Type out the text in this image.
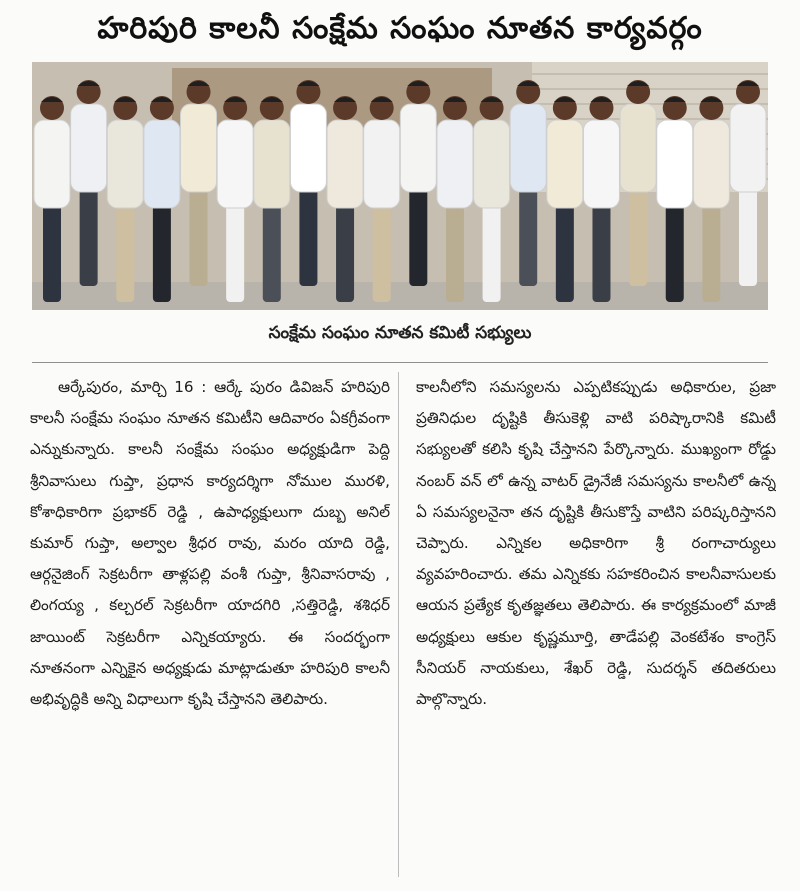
హరిపురి కాలనీ సంక్షేమ సంఘం నూతన కార్యవర్గం
సంక్షేమ సంఘం నూతన కమిటీ సభ్యులు

ఆర్కేపురం, మార్చి 16 : ఆర్కే పురం డివిజన్ హరిపురి కాలనీ సంక్షేమ సంఘం నూతన కమిటీని ఆదివారం ఏకగ్రీవంగా ఎన్నుకున్నారు. కాలనీ సంక్షేమ సంఘం అధ్యక్షుడిగా పెద్ది శ్రీనివాసులు గుప్తా, ప్రధాన కార్యదర్శిగా నోముల మురళి, కోశాధికారిగా ప్రభాకర్ రెడ్డి , ఉపాధ్యక్షులుగా దుబ్బ అనిల్ కుమార్ గుప్తా, అల్వాల శ్రీధర రావు, మరం యాది రెడ్డి, ఆర్గనైజింగ్ సెక్రటరీగా తాళ్లపల్లి వంశీ గుప్తా, శ్రీనివాసరావు , లింగయ్య , కల్చరల్ సెక్రటరీగా యాదగిరి ,సత్తిరెడ్డి, శశిధర్ జాయింట్ సెక్రటరీగా ఎన్నికయ్యారు. ఈ సందర్భంగా నూతనంగా ఎన్నికైన అధ్యక్షుడు మాట్లాడుతూ హరిపురి కాలనీ అభివృద్ధికి అన్ని విధాలుగా కృషి చేస్తానని తెలిపారు.

కాలనీలోని సమస్యలను ఎప్పటికప్పుడు అధికారుల, ప్రజా ప్రతినిధుల దృష్టికి తీసుకెళ్లి వాటి పరిష్కారానికి కమిటీ సభ్యులతో కలిసి కృషి చేస్తానని పేర్కొన్నారు. ముఖ్యంగా రోడ్డు నంబర్ వన్ లో ఉన్న వాటర్ డ్రైనేజీ సమస్యను కాలనీలో ఉన్న ఏ సమస్యలనైనా తన దృష్టికి తీసుకొస్తే వాటిని పరిష్కరిస్తానని చెప్పారు. ఎన్నికల అధికారిగా శ్రీ రంగాచార్యులు వ్యవహరించారు. తమ ఎన్నికకు సహకరించిన కాలనీవాసులకు ఆయన ప్రత్యేక కృతజ్ఞతలు తెలిపారు. ఈ కార్యక్రమంలో మాజీ అధ్యక్షులు ఆకుల కృష్ణమూర్తి, తాడేపల్లి వెంకటేశం కాంగ్రెస్ సీనియర్ నాయకులు, శేఖర్ రెడ్డి, సుదర్శన్ తదితరులు పాల్గొన్నారు.
